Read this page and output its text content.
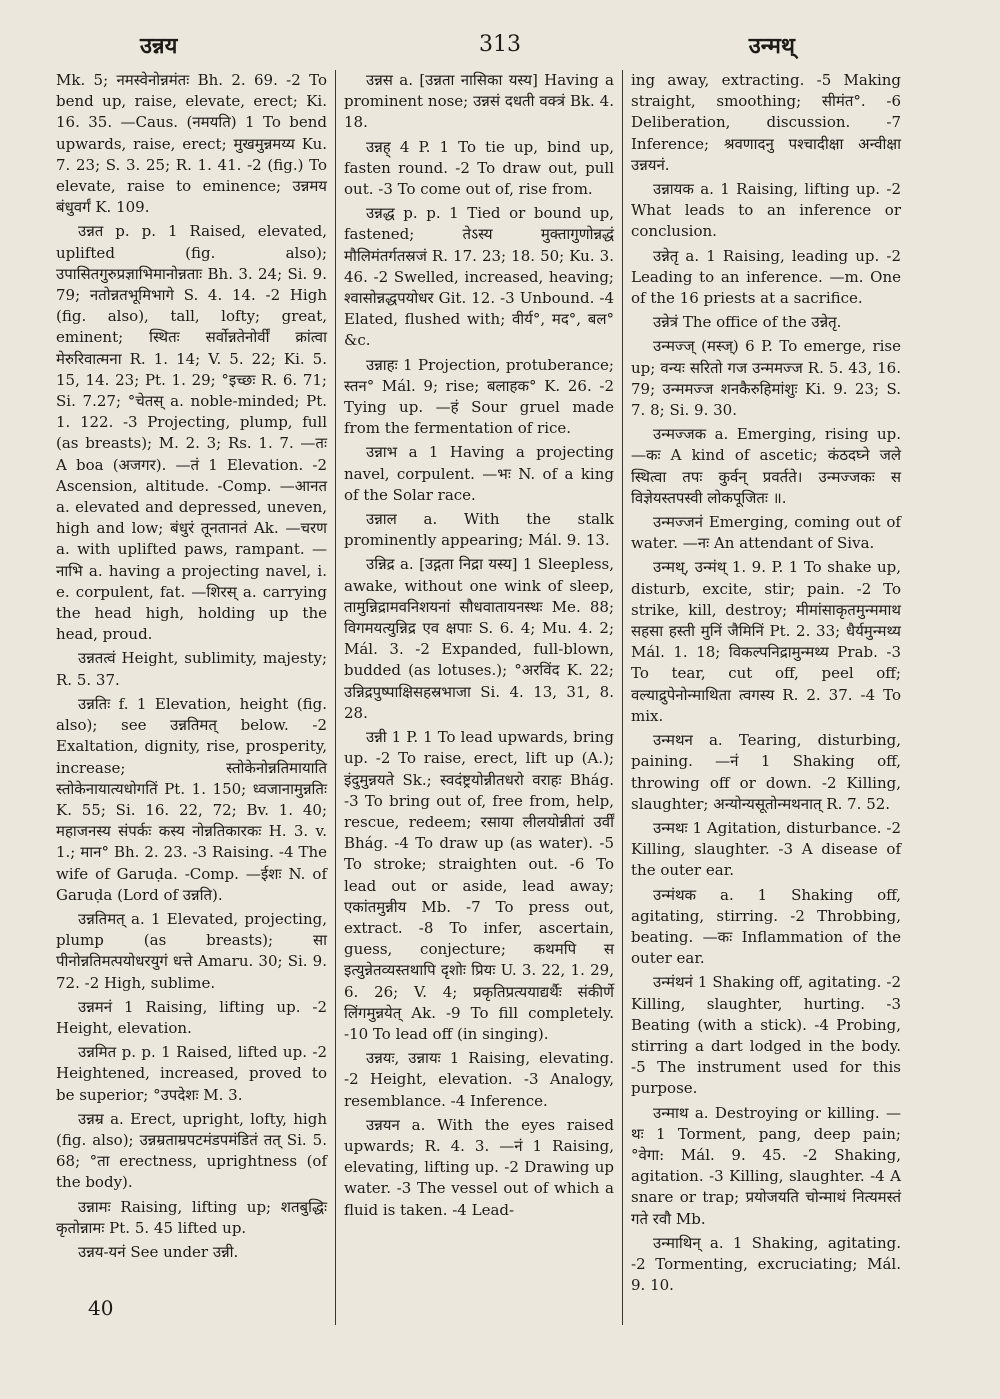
उन्नय	313	उन्मथ्

Mk. 5; नमस्वेनोन्नमंतः Bh. 2. 69. -2 To bend up, raise, elevate, erect; Ki. 16. 35. —Caus. (नमयति) 1 To bend upwards, raise, erect; मुखमुन्नमय्य Ku. 7. 23; S. 3. 25; R. 1. 41. -2 (fig.) To elevate, raise to eminence; उन्नमय बंधुवर्गं K. 109.

उन्नत p. p. 1 Raised, elevated, uplifted (fig. also); उपासितगुरुप्रज्ञाभिमानोन्नताः Bh. 3. 24; Si. 9. 79; नतोन्नतभूमिभागे S. 4. 14. -2 High (fig. also), tall, lofty; great, eminent; स्थितः सर्वोन्नतेनोर्वीं क्रांत्वा मेरुरिवात्मना R. 1. 14; V. 5. 22; Ki. 5. 15, 14. 23; Pt. 1. 29; °इच्छः R. 6. 71; Si. 7.27; °चेतस् a. noble-minded; Pt. 1. 122. -3 Projecting, plump, full (as breasts); M. 2. 3; Rs. 1. 7. —तः A boa (अजगर). —तं 1 Elevation. -2 Ascension, altitude. -Comp. —आनत a. elevated and depressed, uneven, high and low; बंधुरं तूनतानतं Ak. —चरण a. with uplifted paws, rampant. —नाभि a. having a projecting navel, i. e. corpulent, fat. —शिरस् a. carrying the head high, holding up the head, proud.

उन्नतत्वं Height, sublimity, majesty; R. 5. 37.

उन्नतिः f. 1 Elevation, height (fig. also); see उन्नतिमत् below. -2 Exaltation, dignity, rise, prosperity, increase; स्तोकेनोन्नतिमायाति स्तोकेनायात्यधोगतिं Pt. 1. 150; ध्वजानामुन्नतिः K. 55; Si. 16. 22, 72; Bv. 1. 40; महाजनस्य संपर्कः कस्य नोन्नतिकारकः H. 3. v. 1.; मान° Bh. 2. 23. -3 Raising. -4 The wife of Garuḍa. -Comp. —ईशः N. of Garuḍa (Lord of उन्नति).

उन्नतिमत् a. 1 Elevated, projecting, plump (as breasts); सा पीनोन्नतिमत्पयोधरयुगं धत्ते Amaru. 30; Si. 9. 72. -2 High, sublime.

उन्नमनं 1 Raising, lifting up. -2 Height, elevation.

उन्नमित p. p. 1 Raised, lifted up. -2 Heightened, increased, proved to be superior; °उपदेशः M. 3.

उन्नम्र a. Erect, upright, lofty, high (fig. also); उन्नम्रताम्रपटमंडपमंडितं तत् Si. 5. 68; °ता erectness, uprightness (of the body).

उन्नामः Raising, lifting up; शतबुद्धिः कृतोन्नामः Pt. 5. 45 lifted up.

उन्नय-यनं See under उन्नी.

उन्नस a. [उन्नता नासिका यस्य] Having a prominent nose; उन्नसं दधती वक्त्रं Bk. 4. 18.

उन्नह् 4 P. 1 To tie up, bind up, fasten round. -2 To draw out, pull out. -3 To come out of, rise from.

उन्नद्ध p. p. 1 Tied or bound up, fastened; तेऽस्य मुक्तागुणोन्नद्धं मौलिमंतर्गतस्रजं R. 17. 23; 18. 50; Ku. 3. 46. -2 Swelled, increased, heaving; श्वासोन्नद्धपयोधर Git. 12. -3 Unbound. -4 Elated, flushed with; वीर्य°, मद°, बल° &c.

उन्नाहः 1 Projection, protuberance; स्तन° Mál. 9; rise; बलाहक° K. 26. -2 Tying up. —हं Sour gruel made from the fermentation of rice.

उन्नाभ a 1 Having a projecting navel, corpulent. —भः N. of a king of the Solar race.

उन्नाल a. With the stalk prominently appearing; Mál. 9. 13.

उन्निद्र a. [उद्गता निद्रा यस्य] 1 Sleepless, awake, without one wink of sleep, तामुन्निद्रामवनिशयनां सौधवातायनस्थः Me. 88; विगमयत्युन्निद्र एव क्षपाः S. 6. 4; Mu. 4. 2; Mál. 3. -2 Expanded, full-blown, budded (as lotuses.); °अरविंद K. 22; उन्निद्रपुष्पाक्षिसहस्रभाजा Si. 4. 13, 31, 8. 28.

उन्नी 1 P. 1 To lead upwards, bring up. -2 To raise, erect, lift up (A.); इंदुमुन्नयते Sk.; स्वदंष्ट्रयोन्नीतधरो वराहः Bhág. -3 To bring out of, free from, help, rescue, redeem; रसाया लीलयोन्नीतां उर्वीं Bhág. -4 To draw up (as water). -5 To stroke; straighten out. -6 To lead out or aside, lead away; एकांतमुन्नीय Mb. -7 To press out, extract. -8 To infer, ascertain, guess, conjecture; कथमपि स इत्युन्नेतव्यस्तथापि दृशोः प्रियः U. 3. 22, 1. 29, 6. 26; V. 4; प्रकृतिप्रत्ययाद्यर्थैः संकीर्णे लिंगमुन्नयेत् Ak. -9 To fill completely. -10 To lead off (in singing).

उन्नयः, उन्नायः 1 Raising, elevating. -2 Height, elevation. -3 Analogy, resemblance. -4 Inference.

उन्नयन a. With the eyes raised upwards; R. 4. 3. —नं 1 Raising, elevating, lifting up. -2 Drawing up water. -3 The vessel out of which a fluid is taken. -4 Lead-

ing away, extracting. -5 Making straight, smoothing; सीमंत°. -6 Deliberation, discussion. -7 Inference; श्रवणादनु पश्चादीक्षा अन्वीक्षा उन्नयनं.

उन्नायक a. 1 Raising, lifting up. -2 What leads to an inference or conclusion.

उन्नेतृ a. 1 Raising, leading up. -2 Leading to an inference. —m. One of the 16 priests at a sacrifice.

उन्नेत्रं The office of the उन्नेतृ.

उन्मज्ज् (मस्ज्) 6 P. To emerge, rise up; वन्यः सरितो गज उन्ममज्ज R. 5. 43, 16. 79; उन्ममज्ज शनकैरुहिमांशुः Ki. 9. 23; S. 7. 8; Si. 9. 30.

उन्मज्जक a. Emerging, rising up. —कः A kind of ascetic; कंठदघ्ने जले स्थित्वा तपः कुर्वन् प्रवर्तते। उन्मज्जकः स विज्ञेयस्तपस्वी लोकपूजितः ॥.

उन्मज्जनं Emerging, coming out of water. —नः An attendant of Siva.

उन्मथ्, उन्मंथ् 1. 9. P. 1 To shake up, disturb, excite, stir; pain. -2 To strike, kill, destroy; मीमांसाकृतमुन्ममाथ सहसा हस्ती मुनिं जैमिनिं Pt. 2. 33; धैर्यमुन्मथ्य Mál. 1. 18; विकल्पनिद्रामुन्मथ्य Prab. -3 To tear, cut off, peel off; वल्याद्रुपेनोन्माथिता त्वगस्य R. 2. 37. -4 To mix.

उन्मथन a. Tearing, disturbing, paining. —नं 1 Shaking off, throwing off or down. -2 Killing, slaughter; अन्योन्यसूतोन्मथनात् R. 7. 52.

उन्मथः 1 Agitation, disturbance. -2 Killing, slaughter. -3 A disease of the outer ear.

उन्मंथक a. 1 Shaking off, agitating, stirring. -2 Throbbing, beating. —कः Inflammation of the outer ear.

उन्मंथनं 1 Shaking off, agitating. -2 Killing, slaughter, hurting. -3 Beating (with a stick). -4 Probing, stirring a dart lodged in the body. -5 The instrument used for this purpose.

उन्माथ a. Destroying or killing. —थः 1 Torment, pang, deep pain; °वेगा: Mál. 9. 45. -2 Shaking, agitation. -3 Killing, slaughter. -4 A snare or trap; प्रयोजयति चोन्माथं नित्यमस्तं गते रवौ Mb.

उन्माथिन् a. 1 Shaking, agitating. -2 Tormenting, excruciating; Mál. 9. 10.

40
